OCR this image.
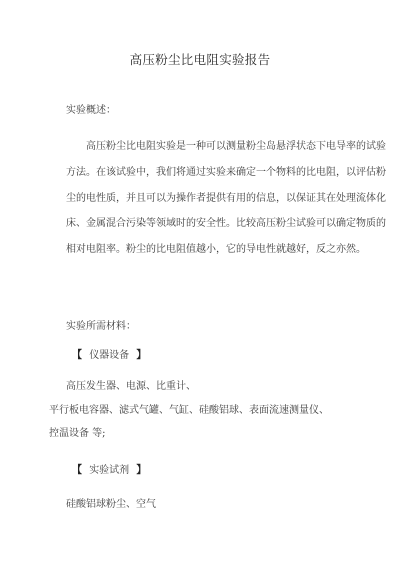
高压粉尘比电阻实验报告
实验概述：
高压粉尘比电阻实验是一种可以测量粉尘岛悬浮状态下电导率的试验
方法。在该试验中，我们将通过实验来确定一个物料的比电阻，以评估粉
尘的电性质，并且可以为操作者提供有用的信息，以保证其在处理流体化
床、金属混合污染等领域时的安全性。比较高压粉尘试验可以确定物质的
相对电阻率。粉尘的比电阻值越小，它的导电性就越好，反之亦然。
实验所需材料：
【 仪器设备 】
高压发生器、电源、比重计、
平行板电容器、滤式气罐、气缸、硅酸铝球、表面流速测量仪、
控温设备 等;
【 实验试剂 】
硅酸铝球粉尘、空气
